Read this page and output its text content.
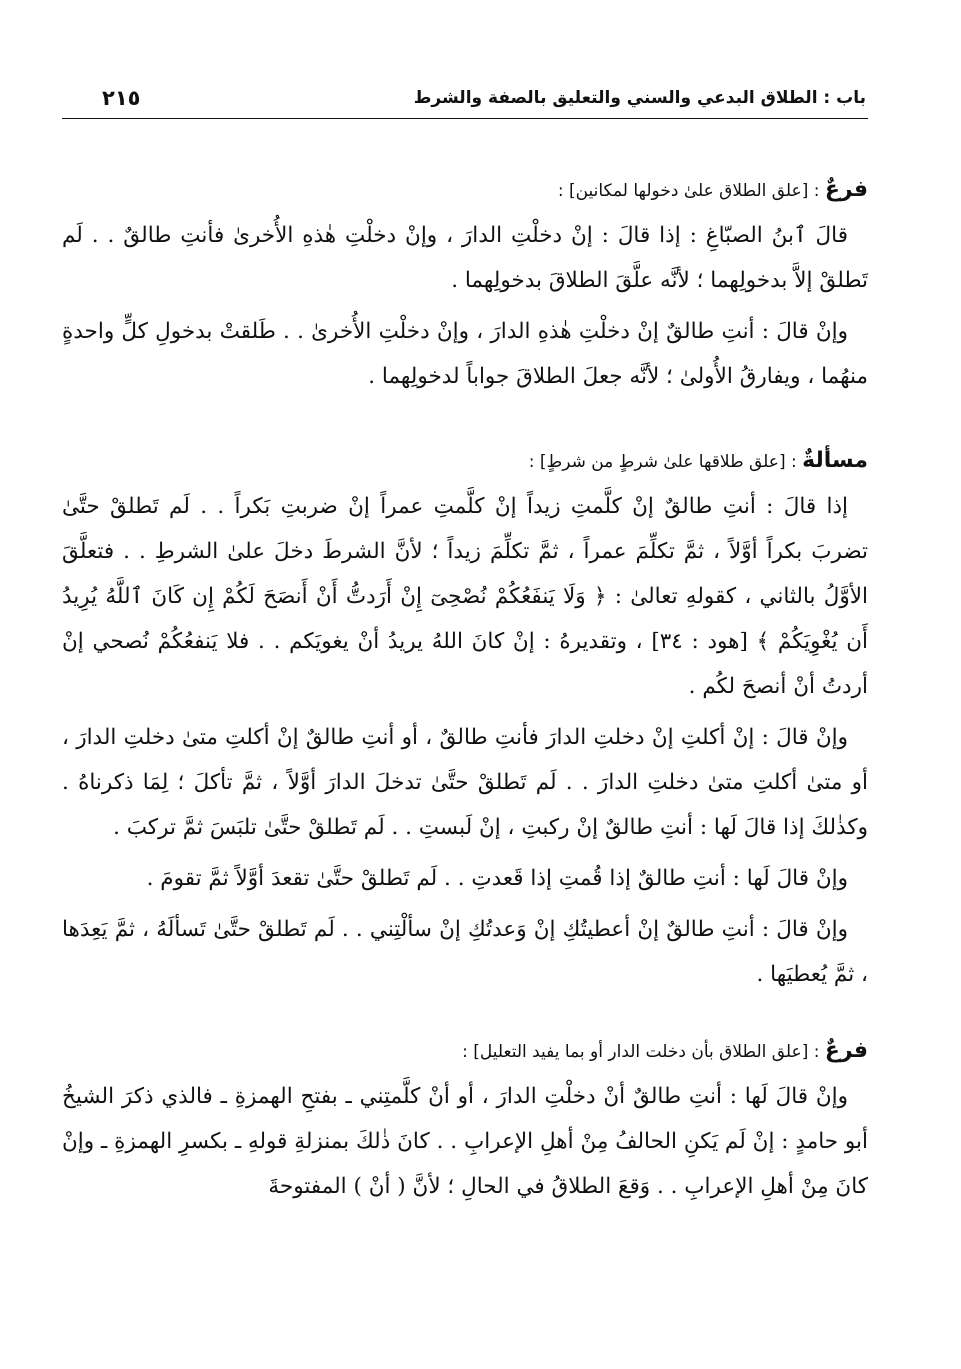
باب : الطلاق البدعي والسني والتعليق بالصفة والشرط
٢١٥

فرعٌ : [علق الطلاق علىٰ دخولها لمكانين] :

قالَ ٱبنُ الصبّاغِ : إذا قالَ : إنْ دخلْتِ الدارَ ، وإنْ دخلْتِ هٰذهِ الأُخرىٰ فأنتِ طالقٌ . . لَم تَطلقْ إلاَّ بدخولِهما ؛ لأنَّه علَّقَ الطلاقَ بدخولِهما .

وإنْ قالَ : أنتِ طالقٌ إنْ دخلْتِ هٰذهِ الدارَ ، وإنْ دخلْتِ الأُخرىٰ . . طَلقتْ بدخولِ كلٍّ واحدةٍ منهُما ، ويفارقُ الأُولىٰ ؛ لأنَّه جعلَ الطلاقَ جواباً لدخولِهما .

مسألةٌ : [علق طلاقها علىٰ شرطٍ من شرطٍ] :

إذا قالَ : أنتِ طالقٌ إنْ كلَّمتِ زيداً إنْ كلَّمتِ عمراً إنْ ضربتِ بَكراً . . لَم تَطلقْ حتَّىٰ تضربَ بكراً أوَّلاً ، ثمَّ تكلِّمَ عمراً ، ثمَّ تكلِّمَ زيداً ؛ لأنَّ الشرطَ دخلَ علىٰ الشرطِ . . فتعلَّقَ الأوَّلُ بالثاني ، كقولهِ تعالىٰ : ﴿ وَلَا يَنفَعُكُمْ نُصْحِىٓ إِنْ أَرَدتُّ أَنْ أَنصَحَ لَكُمْ إِن كَانَ ٱللَّهُ يُرِيدُ أَن يُغْوِيَكُمْ ﴾ [هود : ٣٤] ، وتقديرهُ : إنْ كانَ اللهُ يريدُ أنْ يغويَكم . . فلا يَنفعُكُمْ نُصحي إنْ أردتُ أنْ أنصحَ لكُم .

وإنْ قالَ : إنْ أكلتِ إنْ دخلتِ الدارَ فأنتِ طالقٌ ، أو أنتِ طالقٌ إنْ أكلتِ متىٰ دخلتِ الدارَ ، أو متىٰ أكلتِ متىٰ دخلتِ الدارَ . . لَم تَطلقْ حتَّىٰ تدخلَ الدارَ أوَّلاً ، ثمَّ تأكلَ ؛ لِمَا ذكرناهُ . وكذٰلكَ إذا قالَ لَها : أنتِ طالقٌ إنْ ركبتِ ، إنْ لَبستِ . . لَم تَطلقْ حتَّىٰ تلبَسَ ثمَّ تركبَ .

وإنْ قالَ لَها : أنتِ طالقٌ إذا قُمتِ إذا قَعدتِ . . لَم تَطلقْ حتَّىٰ تقعدَ أوَّلاً ثمَّ تقومَ .

وإنْ قالَ : أنتِ طالقٌ إنْ أعطيتُكِ إنْ وَعدتُكِ إنْ سألْتِني . . لَم تَطلقْ حتَّىٰ تَسألَهُ ، ثمَّ يَعِدَها ، ثمَّ يُعطيَها .

فرعٌ : [علق الطلاق بأن دخلت الدار أو بما يفيد التعليل] :

وإنْ قالَ لَها : أنتِ طالقٌ أنْ دخلْتِ الدارَ ، أو أنْ كلَّمتِني ـ بفتحِ الهمزةِ ـ فالذي ذكرَ الشيخُ أبو حامدٍ : إنْ لَم يَكنِ الحالفُ مِنْ أهلِ الإعرابِ . . كانَ ذٰلكَ بمنزلةِ قولهِ ـ بكسرِ الهمزةِ ـ وإنْ كانَ مِنْ أهلِ الإعرابِ . . وَقعَ الطلاقُ في الحالِ ؛ لأنَّ ( أنْ ) المفتوحةَ
